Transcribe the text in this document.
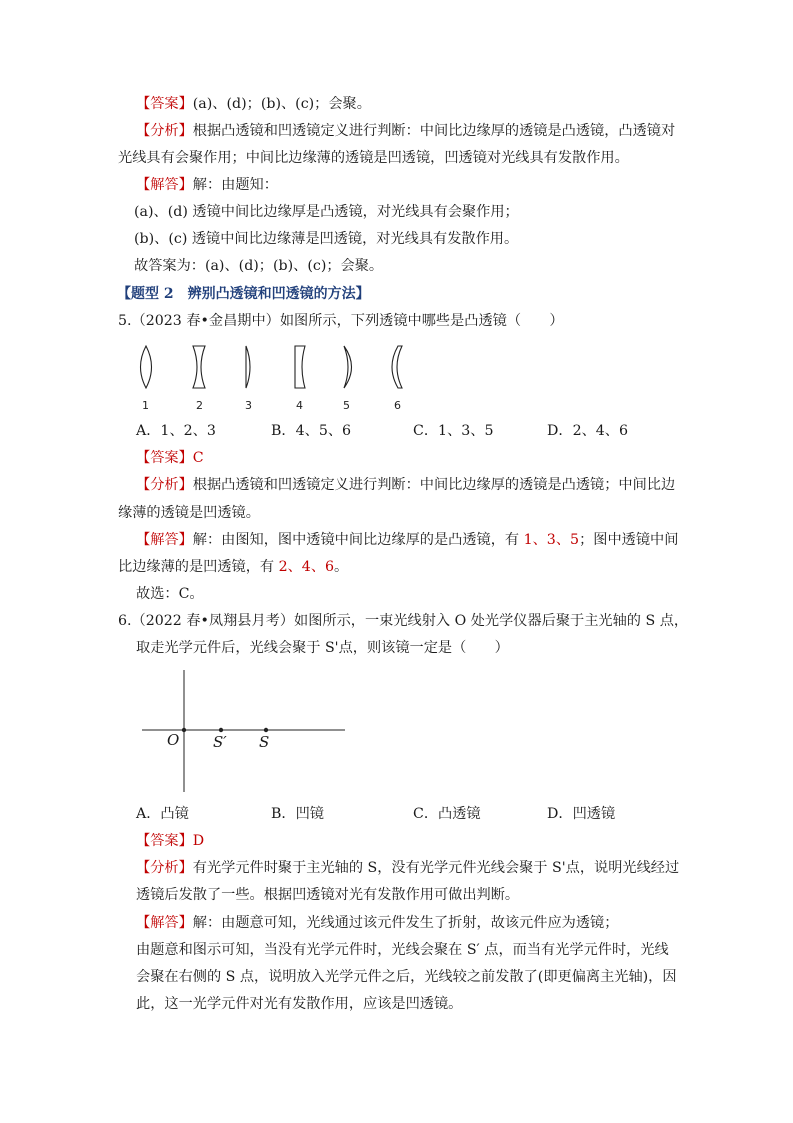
【答案】(a)、(d)；(b)、(c)；会聚。
【分析】根据凸透镜和凹透镜定义进行判断：中间比边缘厚的透镜是凸透镜，凸透镜对
光线具有会聚作用；中间比边缘薄的透镜是凹透镜，凹透镜对光线具有发散作用。
【解答】解：由题知：
(a)、(d) 透镜中间比边缘厚是凸透镜，对光线具有会聚作用；
(b)、(c) 透镜中间比边缘薄是凹透镜，对光线具有发散作用。
故答案为：(a)、(d)；(b)、(c)；会聚。
【题型 2　辨别凸透镜和凹透镜的方法】
5.（2023 春•金昌期中）如图所示，下列透镜中哪些是凸透镜（　　）
1	2	3	4	5	6
A．1、2、3	B．4、5、6	C．1、3、5	D．2、4、6
【答案】C
【分析】根据凸透镜和凹透镜定义进行判断：中间比边缘厚的透镜是凸透镜；中间比边
缘薄的透镜是凹透镜。
【解答】解：由图知，图中透镜中间比边缘厚的是凸透镜，有 1、3、5；图中透镜中间
比边缘薄的是凹透镜，有 2、4、6。
故选：C。
6.（2022 春•凤翔县月考）如图所示，一束光线射入 O 处光学仪器后聚于主光轴的 S 点，
取走光学元件后，光线会聚于 S'点，则该镜一定是（　　）
O S′ S
A．凸镜	B．凹镜	C．凸透镜	D．凹透镜
【答案】D
【分析】有光学元件时聚于主光轴的 S，没有光学元件光线会聚于 S'点，说明光线经过
透镜后发散了一些。根据凹透镜对光有发散作用可做出判断。
【解答】解：由题意可知，光线通过该元件发生了折射，故该元件应为透镜；
由题意和图示可知，当没有光学元件时，光线会聚在 S′ 点，而当有光学元件时，光线
会聚在右侧的 S 点，说明放入光学元件之后，光线较之前发散了(即更偏离主光轴)，因
此，这一光学元件对光有发散作用，应该是凹透镜。
